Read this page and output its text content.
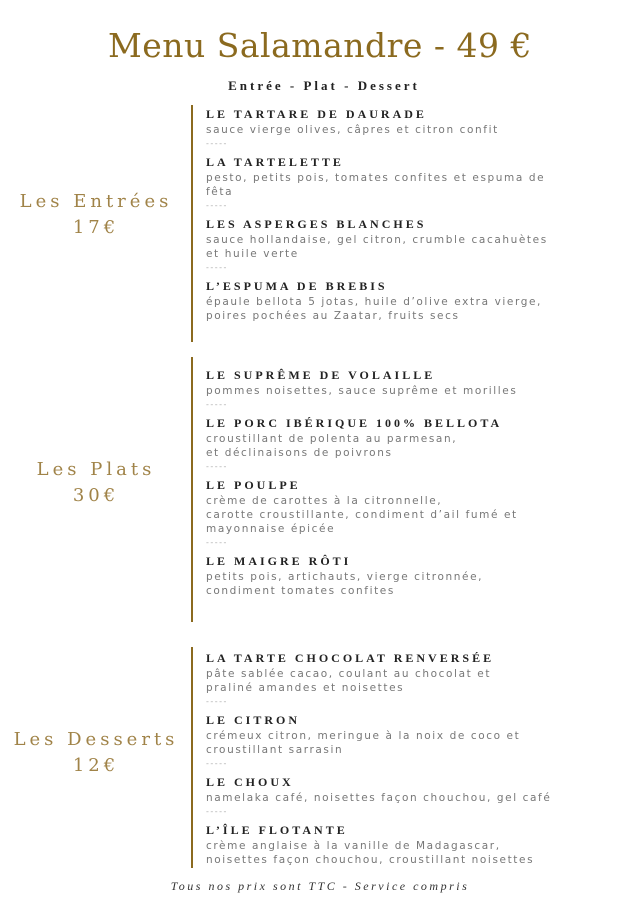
Menu Salamandre - 49 €
Entrée - Plat - Dessert
Les Entrées
17€
Les Plats
30€
Les Desserts
12€
LE TARTARE DE DAURADE
sauce vierge olives, câpres et citron confit
-----
LA TARTELETTE
pesto, petits pois, tomates confites et espuma de
fêta
-----
LES ASPERGES BLANCHES
sauce hollandaise, gel citron, crumble cacahuètes
et huile verte
-----
L’ESPUMA DE BREBIS
épaule bellota 5 jotas, huile d’olive extra vierge,
poires pochées au Zaatar, fruits secs
LE SUPRÊME DE VOLAILLE
pommes noisettes, sauce suprême et morilles
-----
LE PORC IBÉRIQUE 100% BELLOTA
croustillant de polenta au parmesan,
et déclinaisons de poivrons
-----
LE POULPE
crème de carottes à la citronnelle,
carotte croustillante, condiment d’ail fumé et
mayonnaise épicée
-----
LE MAIGRE RÔTI
petits pois, artichauts, vierge citronnée,
condiment tomates confites
LA TARTE CHOCOLAT RENVERSÉE
pâte sablée cacao, coulant au chocolat et
praliné amandes et noisettes
-----
LE CITRON
crémeux citron, meringue à la noix de coco et
croustillant sarrasin
-----
LE CHOUX
namelaka café, noisettes façon chouchou, gel café
-----
L’ÎLE FLOTANTE
crème anglaise à la vanille de Madagascar,
noisettes façon chouchou, croustillant noisettes
Tous nos prix sont TTC - Service compris
